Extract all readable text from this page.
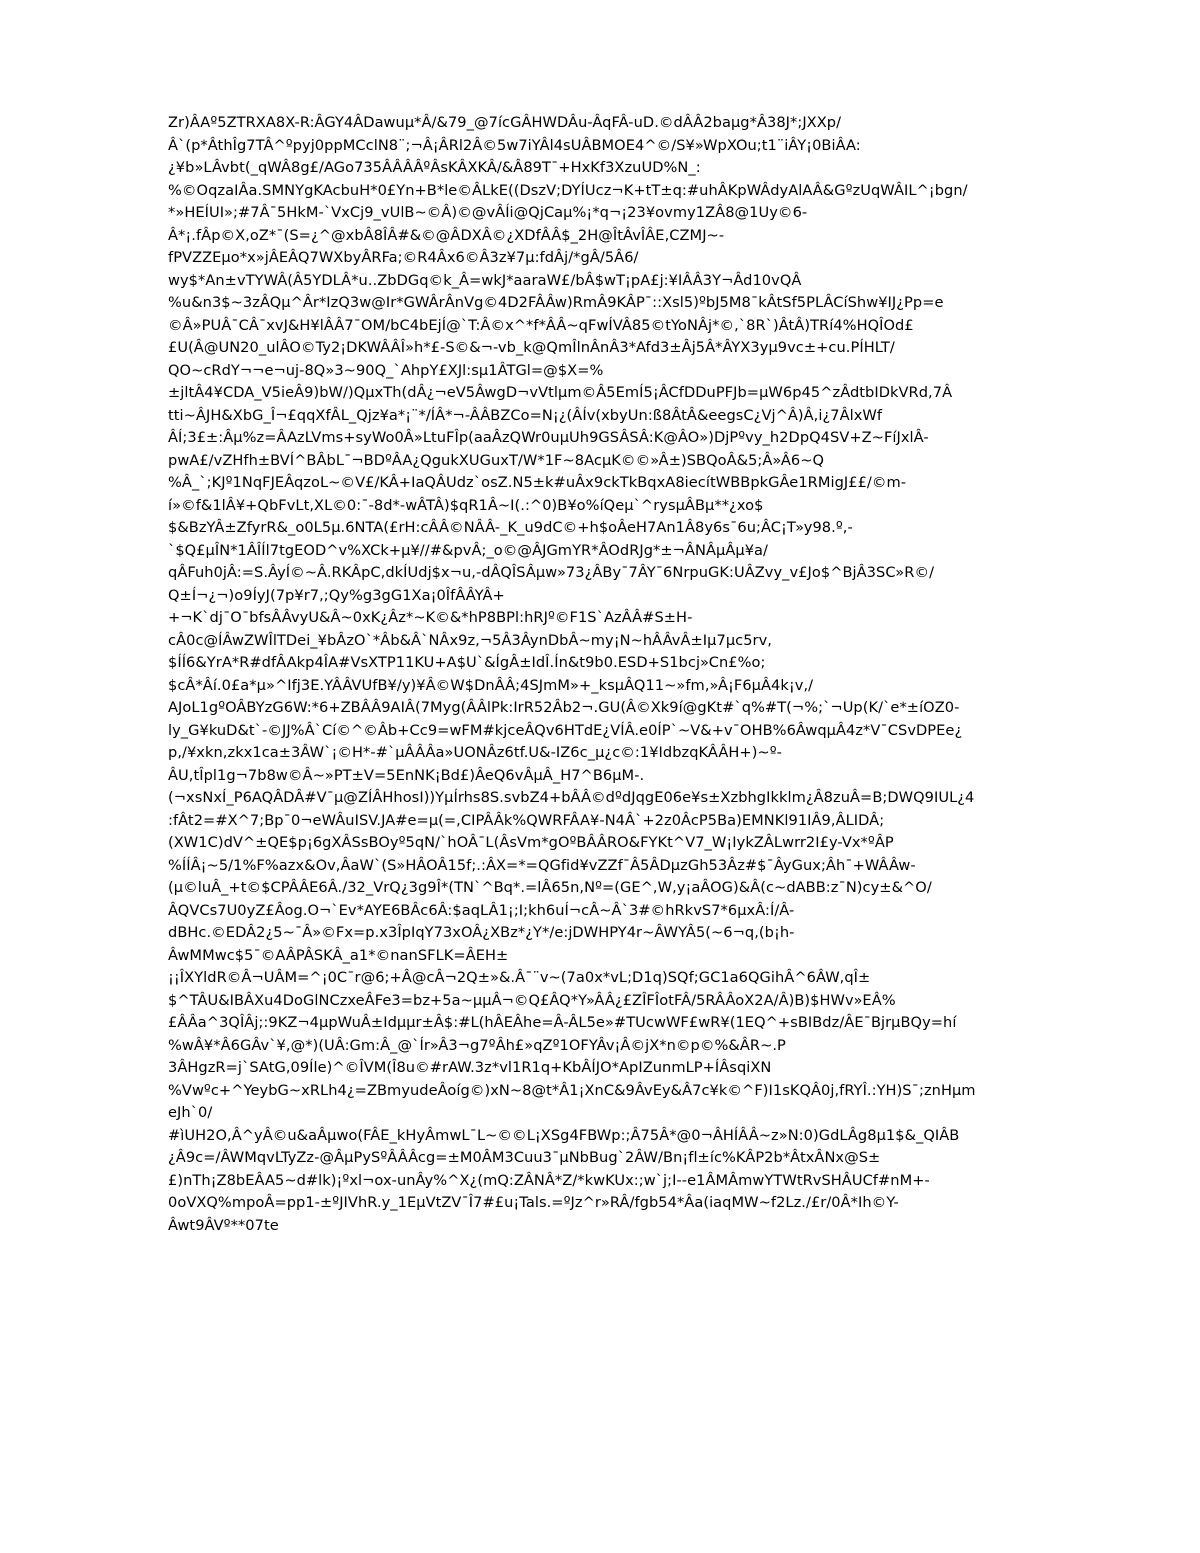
Zr)ÂAº5ZTRXA8X-R:ÂGY4ÂDawuµ*Â/&79_@7ícGÂHWDÂu-ÂqFÂ-uD.©dÂÂ2baµg*Â38J*;JXXp/
Â`(p*ÂthÎg7TÂ^ºpyj0ppMCclN8¨;¬Â¡ÂRl2Â©5w7iYÂl4sUÂBMOE4^©/S¥»WpXOu;t1¨iÂY¡0BiÂA:
¿¥b»LÂvbt(_qWÂ8g£/AGo735ÂÂÂÂºÂsKÂXKÂ/&Â89T¯+HxKf3XzuUD%N_:
%©OqzaIÂa.SMNYgKAcbuH*0£Yn+B*le©ÂLkE((DszV;DYÍUcz¬K+tT±q:#uhÂKpWÂdyAlAÂ&GºzUqWÂIL^¡bgn/
*»HEÍUI»;#7Â¯5HkM-`VxCj9_vUlB~©Â)©@vÂÍi@QjCaµ%¡*q¬¡23¥ovmy1ZÂ8@1Uy©6-
Â*¡.fÂp©X,oZ*¯(S=¿^@xbÂ8ÎÂ#&©@ÂDXÂ©¿XDfÂÂ$_2H@ÎtÂvÎÂE,CZMJ~-
fPVZZEµo*x»jÂEÂQ7WXbyÂRFa;©R4Âx6©Â3z¥7µ:fdÂj/*gÂ/5Â6/
wy$*An±vTYWÂ(Â5YDLÂ*u..ZbDGq©k_Â=wkJ*aaraW£/bÂ$wT¡pA£j:¥IÂÂ3Y¬Âd10vQÂ
%u&n3$~3zÂQµ^Âr*IzQ3w@Ir*GWÂrÂnVg©4D2FÂÂw)RmÂ9KÂP¯::Xsl5)ºbJ5M8¯kÂtSf5PLÂCíShw¥IJ¿Pp=e
©Â»PUÂ¯CÂ¯xvJ&H¥lÂÂ7¯OM/bC4bEjÍ@`T:Â©x^*f*ÂÂ~qFwÍVÂ85©tYoNÂj*©,`8R`)ÂtÂ)TRí4%HQÎOd£
£U(Â@UN20_ulÂO©Ty2¡DKWÂÂÎ»h*£-S©&¬-vb_k@QmÎlnÂnÂ3*Afd3±Âj5Â*ÂYX3yµ9vc±+cu.PÍHLT/
QO~cRdY¬¬e¬uj-8Q»3~90Q_`AhpY£XJl:sµ1ÂTGl=@$X=%
±jltÂ4¥CDA_V5ieÂ9)bW/)QµxTh(dÂ¿¬eV5ÂwgD¬vVtlµm©Â5EmÍ5¡ÂCfDDuPFJb=µW6p45^zÂdtbIDkVRd,7Â
tti~ÂJH&XbG_Î¬£qqXfÂL_Qjz¥a*¡¨*/ÍÂ*¬-ÂÂBZCo=N¡¿(ÂÍv(xbyUn:ß8ÂtÂ&eegsC¿Vj^Â)Â,i¿7ÂlxWf
ÂÍ;3£±:Âµ%z=ÂAzLVms+syWo0Â»LtuFÎp(aaÂzQWr0uµUh9GSÂSÂ:K@ÂO»)DjPºvy_h2DpQ4SV+Z~FíJxlÂ-
pwA£/vZHfh±BVÍ^BÂbL¯¬BDºÂA¿QgukXUGuxT/W*1F~8AcµK©©»Â±)SBQoÂ&5;Â»Â6~Q
%Â_`;KJº1NqFJEÂqzoL~©V£/KÂ+IaQÂUdz`osZ.N5±k#uÂx9ckTkBqxA8iecítWBBpkGÂe1RMigJ££/©m-
í»©f&1lÂ¥+QbFvLt,XL©0:¯-8d*-wÂTÂ)$qR1Â~I(.:^0)B¥o%íQeµ`^rysµÂBµ**¿xo$
$&BzYÂ±ZfyrR&_o0L5µ.6NTA(£rH:cÂÂ©NÂÂ-_K_u9dC©+h$oÂeH7An1Â8y6s¯6u;ÂC¡T»y98.º,-
`$Q£µÎN*1ÂÎÍl7tgEOD^v%XCk+µ¥//#&pvÂ;_o©@ÂJGmYR*ÂOdRJg*±¬ÂNÂµÂµ¥a/
qÂFuh0jÂ:=S.ÂyÍ©~Â.RKÂpC,dkÍUdj$x¬u,-dÂQÎSÂµw»73¿ÂBy¯7ÂY¯6NrpuGK:UÂZvy_v£Jo$^BjÂ3SC»R©/
Q±Í¬¿¬)o9ÍyJ(7p¥r7,;Qy%g3gG1Xa¡0ÎfÂÂYÂ+
+¬K`dj¯O¯bfsÂÂvyU&Â~0xK¿Âz*~K©&*hP8BPl:hRJº©F1S`AzÂÂ#S±H-
cÂ0c@ÍÂwZWÎlTDei_¥bÂzO`*Âb&Â`NÂx9z,¬5Â3ÂynDbÂ~my¡N~hÂÂvÂ±Iµ7µc5rv,
$ÍÍ6&YrA*R#dfÂAkp4ÎA#VsXTP11KU+A$U`&ÍgÂ±IdÎ.Ín&t9b0.ESD+S1bcj»Cn£%o;
$cÂ*Âí.0£a*µ»^Ifj3E.YÂÂVUfB¥/y)¥Â©W$DnÂÂ;4SJmM»+_ksµÂQ11~»fm,»Â¡F6µÂ4k¡v,/
AJoL1gºOÂBYzG6W:*6+ZBÂÂ9AIÂ(7Myg(ÂÂlPk:IrR52Âb2¬.GU(Â©Xk9í@gKt#`q%#T(¬%;`¬Up(K/`e*±íOZ0-
ly_G¥kuD&t`-©JJ%Â`Cí©^©Âb+Cc9=wFM#kjceÂQv6HTdE¿VÍÂ.e0ÍP`~V&+v¯OHB%6ÂwqµÂ4z*V¯CSvDPEe¿
p,/¥xkn,zkx1ca±3ÂW`¡©H*-#`µÂÂÂa»UONÂz6tf.U&-IZ6c_µ¿c©:1¥IdbzqKÂÂH+)~º-
ÂU,tÎpl1g¬7b8w©Â~»PT±V=5EnNK¡Bd£)ÂeQ6vÂµÂ_H7^B6µM-.
(¬xsNxÍ_P6AQÂDÂ#V¯µ@ZÍÂHhosI))YµÍrhs8S.svbZ4+bÂÂ©dºdJqgE06e¥s±XzbhgIkklm¿Â8zuÂ=B;DWQ9IUL¿4
:fÂt2=#X^7;Bp¯0¬eWÂuISV.JA#e=µ(=,CIPÂÂk%QWRFÂA¥-N4Â`+2z0ÂcP5Ba)EMNKl91IÂ9,ÂLIDÂ;
(XW1C)dV^±QE$p¡6gXÂSsBOyº5qN/`hOÂ¯L(ÂsVm*gOºBÂÂRO&FYKt^V7_W¡IykZÂLwrr2I£y-Vx*ºÂP
%ÍÍÂ¡~5/1%F%azx&Ov,ÂaW`(S»HÂOÂ15f;.:ÂX=*=QGfid¥vZZf¯Â5ÂDµzGh53Âz#$¯ÂyGux;Âh¯+WÂÂw-
(µ©luÂ_+t©$CPÂÂE6Â./32_VrQ¿3g9Î*(TN`^Bq*.=lÂ65n,Nº=(GE^,W,y¡aÂOG)&Â(c~dABB:z¯N)cy±&^O/
ÂQVCs7U0yZ£Âog.O¬`Ev*AYE6BÂc6Â:$aqLÂ1¡;I;kh6uÍ¬cÂ~Â`3#©hRkvS7*6µxÂ:Í/Â-
dBHc.©EDÂ2¿5~¯Â»©Fx=p.x3ÎpIqY73xOÂ¿XBz*¿Y*/e:jDWHPY4r~ÂWYÂ5(~6¬q,(b¡h-
ÂwMMwc$5¯©AÂPÂSKÂ_a1*©nanSFLK=ÂEH±
¡¡ÎXYldR©Â¬UÂM=^¡0C¯r@6;+Â@cÂ¬2Q±»&.Â¯¨v~(7a0x*vL;D1q)SQf;GC1a6QGihÂ^6ÂW,qÎ±
$^TÂU&IBÂXu4DoGlNCzxeÂFe3=bz+5a~µµÂ¬©Q£ÂQ*Y»ÂÂ¿£ZÎFÎotFÂ/5RÂÂoX2A/Â)B)$HWv»EÂ%
£ÂÂa^3QÎÂj;:9KZ¬4µpWuÂ±Idµµr±Â$:#L(hÂEÂhe=Â-ÂL5e»#TUcwWF£wR¥(1EQ^+sBIBdz/ÂE¯BjrµBQy=hí
%wÂ¥*Â6GÂv`¥,@*)(UÂ:Gm:Â_@`Ír»Â3¬g7ºÂh£»qZº1OFYÂv¡Â©jX*n©p©%&ÂR~.P
3ÂHgzR=j`SAtG,09Íle)^©ÎVM(Î8u©#rAW.3z*vl1R1q+KbÂÍJO*ApIZunmLP+ÍÂsqiXN
%Vwºc+^YeybG~xRLh4¿=ZBmyudeÂoíg©)xN~8@t*Â1¡XnC&9ÂvEy&Â7c¥k©^F)I1sKQÂ0j,fRYÎ.:YH)S¯;znHµm
eJh`0/
#ìUH2O,Â^yÂ©u&aÂµwo(FÂE_kHyÂmwL¯L~©©L¡XSg4FBWp:;Â75Â*@0¬ÂHÍÂÂ~z»N:0)GdLÂg8µ1$&_QIÂB
¿Â9c=/ÂWMqvLTyZz-@ÂµPySºÂÂÂcg=±M0ÂM3Cuu3¯µNbBug`2ÂW/Bn¡fl±íc%KÂP2b*ÂtxÂNx@S±
£)nTh¡Z8bEÂA5~d#lk)¡ºxl¬ox-unÂy%^X¿(mQ:ZÂNÂ*Z/*kwKUx:;w`j;I--e1ÂMÂmwYTWtRvSHÂUCf#nM+-
0oVXQ%mpoÂ=pp1-±ºJIVhR.y_1EµVtZV¯Î7#£u¡Tals.=ºJz^r»RÂ/fgb54*Âa(iaqMW~f2Lz./£r/0Â*Ih©Y-
Âwt9ÂVº**07te
